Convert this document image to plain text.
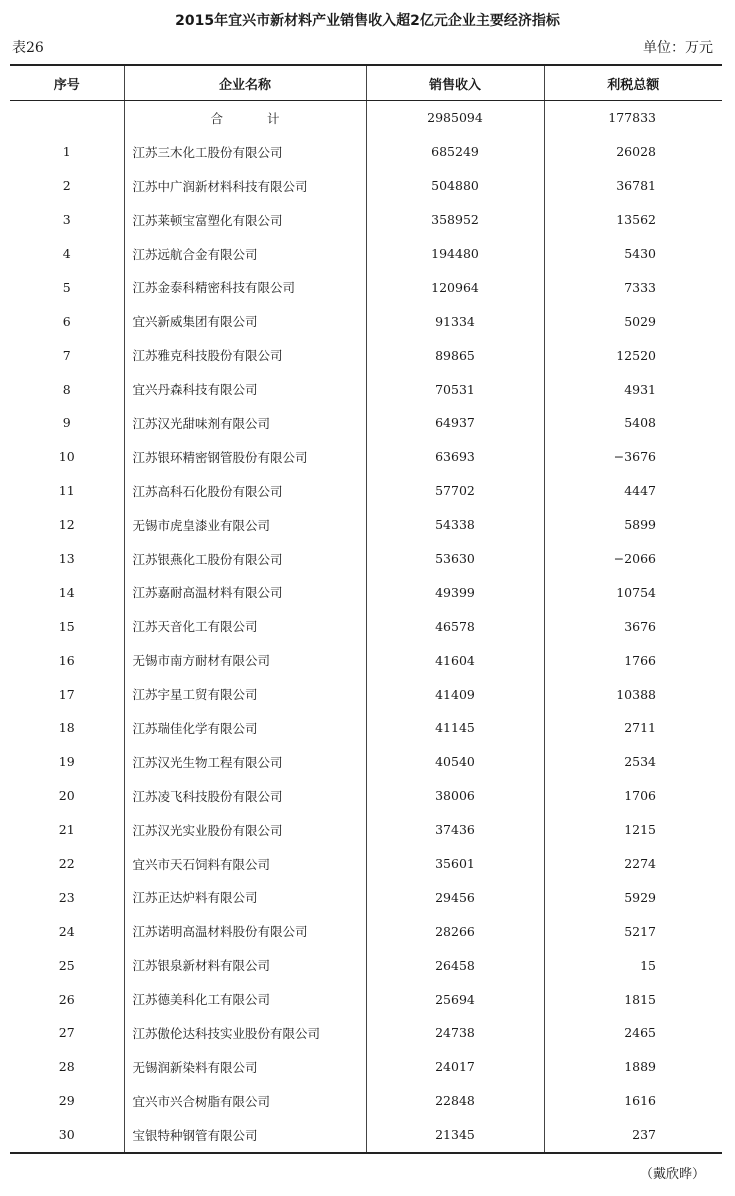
2015年宜兴市新材料产业销售收入超2亿元企业主要经济指标
表26	单位：万元
序号	企业名称	销售收入	利税总额
	合计	2985094	177833
1	江苏三木化工股份有限公司	685249	26028
2	江苏中广润新材料科技有限公司	504880	36781
3	江苏莱顿宝富塑化有限公司	358952	13562
4	江苏远航合金有限公司	194480	5430
5	江苏金泰科精密科技有限公司	120964	7333
6	宜兴新威集团有限公司	91334	5029
7	江苏雅克科技股份有限公司	89865	12520
8	宜兴丹森科技有限公司	70531	4931
9	江苏汉光甜味剂有限公司	64937	5408
10	江苏银环精密钢管股份有限公司	63693	−3676
11	江苏高科石化股份有限公司	57702	4447
12	无锡市虎皇漆业有限公司	54338	5899
13	江苏银燕化工股份有限公司	53630	−2066
14	江苏嘉耐高温材料有限公司	49399	10754
15	江苏天音化工有限公司	46578	3676
16	无锡市南方耐材有限公司	41604	1766
17	江苏宇星工贸有限公司	41409	10388
18	江苏瑞佳化学有限公司	41145	2711
19	江苏汉光生物工程有限公司	40540	2534
20	江苏凌飞科技股份有限公司	38006	1706
21	江苏汉光实业股份有限公司	37436	1215
22	宜兴市天石饲料有限公司	35601	2274
23	江苏正达炉料有限公司	29456	5929
24	江苏诺明高温材料股份有限公司	28266	5217
25	江苏银泉新材料有限公司	26458	15
26	江苏德美科化工有限公司	25694	1815
27	江苏傲伦达科技实业股份有限公司	24738	2465
28	无锡润新染料有限公司	24017	1889
29	宜兴市兴合树脂有限公司	22848	1616
30	宝银特种钢管有限公司	21345	237
（戴欣晔）
